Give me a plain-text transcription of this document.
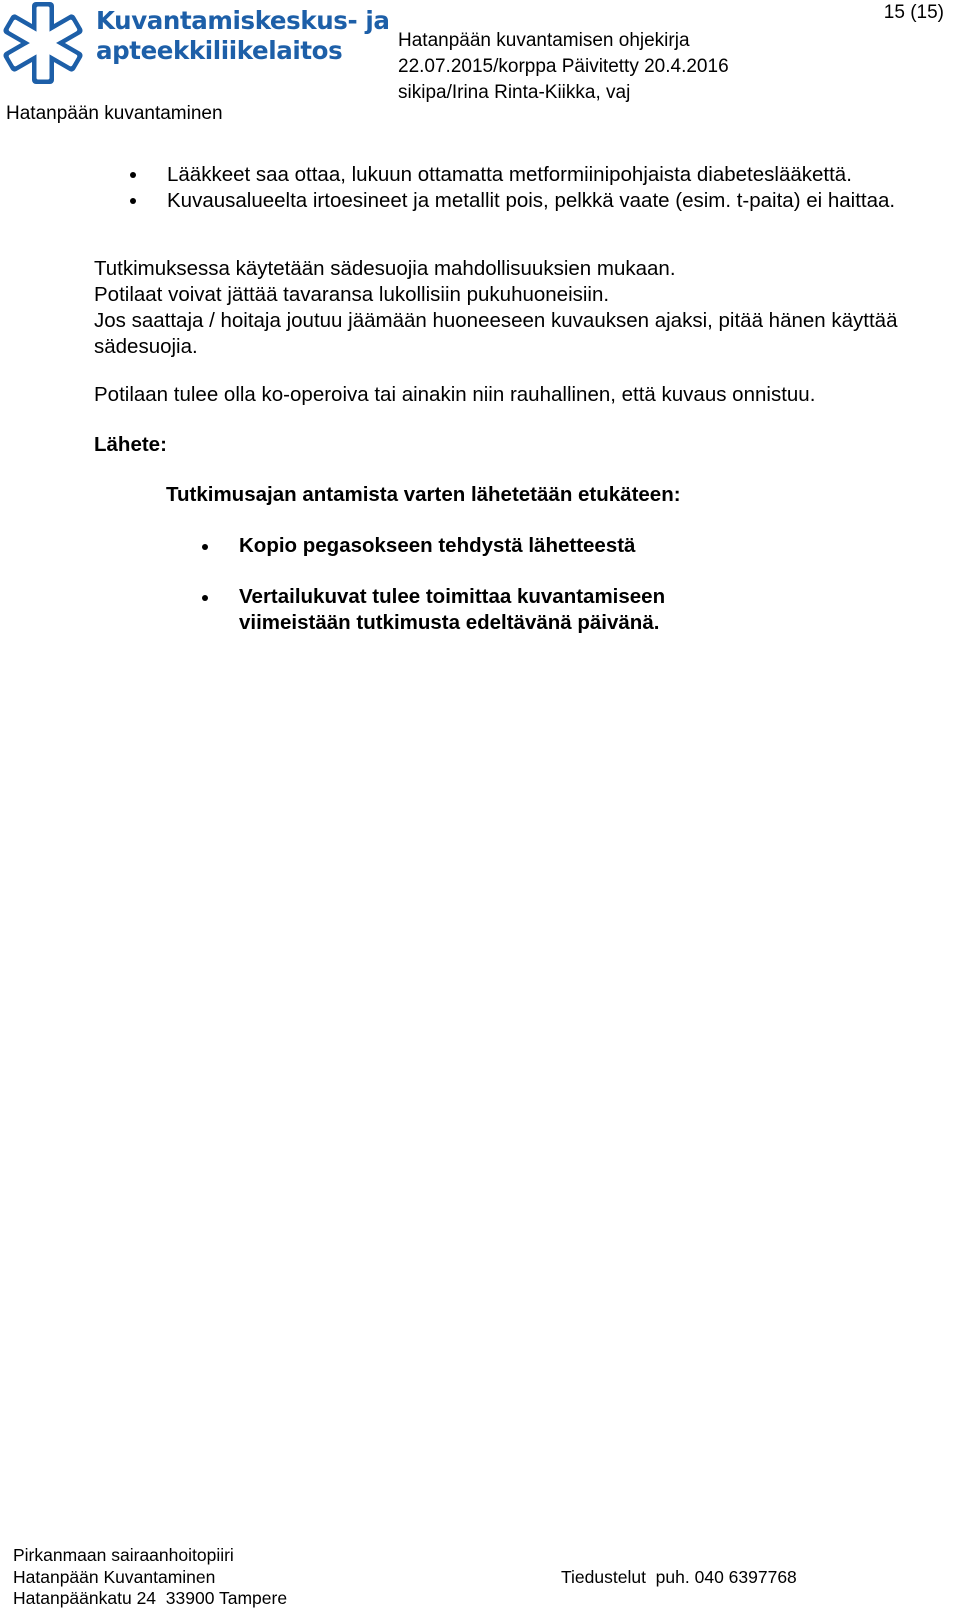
Kuvantamiskeskus- ja
apteekkiliikelaitos
Hatanpään kuvantaminen
Hatanpään kuvantamisen ohjekirja
22.07.2015/korppa Päivitetty 20.4.2016
sikipa/Irina Rinta-Kiikka, vaj
15 (15)
Lääkkeet saa ottaa, lukuun ottamatta metformiinipohjaista diabeteslääkettä.
Kuvausalueelta irtoesineet ja metallit pois, pelkkä vaate (esim. t-paita) ei haittaa.
Tutkimuksessa käytetään sädesuojia mahdollisuuksien mukaan.
Potilaat voivat jättää tavaransa lukollisiin pukuhuoneisiin.
Jos saattaja / hoitaja joutuu jäämään huoneeseen kuvauksen ajaksi, pitää hänen käyttää sädesuojia.
Potilaan tulee olla ko-operoiva tai ainakin niin rauhallinen, että kuvaus onnistuu.
Lähete:
Tutkimusajan antamista varten lähetetään etukäteen:
Kopio pegasokseen tehdystä lähetteestä
Vertailukuvat tulee toimittaa kuvantamiseen viimeistään tutkimusta edeltävänä päivänä.
Pirkanmaan sairaanhoitopiiri
Hatanpään Kuvantaminen
Hatanpäänkatu 24  33900 Tampere
Tiedustelut  puh. 040 6397768
